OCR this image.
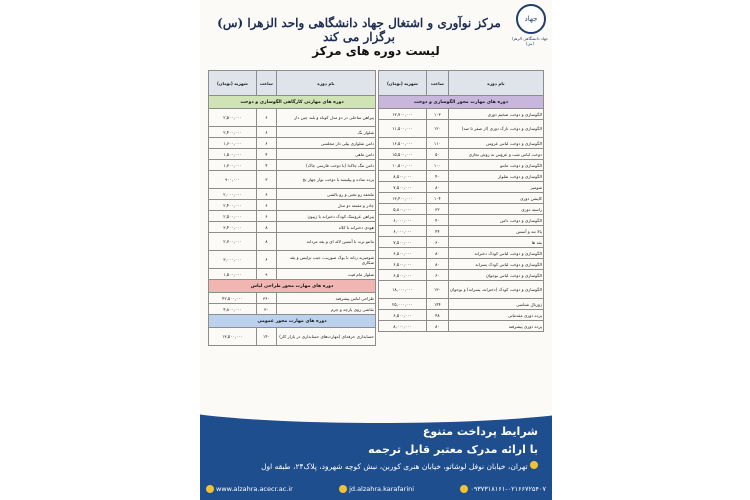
جهاد
جهاد دانشگاهی الزهرا (س)
مرکز نوآوری و اشتغال جهاد دانشگاهی واحد الزهرا (س) برگزار می کند
لیست دوره های مرکز
نام دوره	ساعت	شهریه (تومان)
دوره های مهارت محور الگوسازی و دوخت		
الگوسازی و دوخت ضخیم دوزی	۱۰۳	۱۳,۷۰۰,۰۰۰
الگوسازی و دوخت نازک دوزی (از صفر تا صد)	۱۲۰	۱۱,۵۰۰,۰۰۰
الگوسازی و دوخت لباس عروس	۱۱۰	۱۶,۵۰۰,۰۰۰
دوخت لباس شب و عروس به روش تجاری	۵۰	۱۵,۵۰۰,۰۰۰
الگوسازی و دوخت مانتو	۱۰۰	۱۰,۵۰۰,۰۰۰
الگوسازی و دوخت شلوار	۴۰	۸,۵۰۰,۰۰۰
شومیز	۸۰	۷,۵۰۰,۰۰۰
کاپشن دوزی	۱۰۴	۱۳,۴۰۰,۰۰۰
راسته دوزی	۳۲	۵,۸۰۰,۰۰۰
الگوسازی و دوخت دامن	۴۰	۶,۰۰۰,۰۰۰
یالا تنه و آستین	۴۴	۶,۰۰۰,۰۰۰
یقه ها	۶۰	۷,۵۰۰,۰۰۰
الگوسازی و دوخت لباس کودک دخترانه	۸۰	۶,۵۰۰,۰۰۰
الگوسازی و دوخت لباس کودک پسرانه	۸۰	۶,۵۰۰,۰۰۰
الگوسازی و دوخت لباس نوجوان	۶۰	۶,۵۰۰,۰۰۰
الگوسازی و دوخت کودک (دخترانه، پسرانه) و نوجوان	۱۳۰	۱۸,۰۰۰,۰۰۰
ژورنال شناسی	۱۴۴	۲۵,۰۰۰,۰۰۰
پرده دوزی مقدماتی	۴۸	۶,۵۰۰,۰۰۰
پرده دوزی پیشرفته	۸۰	۸,۰۰۰,۰۰۰
نام دوره	ساعت	شهریه (تومان)
دوره های مهارتی کارگاهی الگوسازی و دوخت		
پیراهن ساحلی در دو مدل کوتاه و بلند چین دار	۶	۲,۵۰۰,۰۰۰
شلوار بگ	۶	۲,۴۰۰,۰۰۰
دامن شلواری پیلی دار مجلسی	۶	۱,۶۰۰,۰۰۰
دامن ماهی	۴	۱,۵۰۰,۰۰۰
دامن تنگ چاکدا (با دوخت فارسی چاک)	۴	۱,۳۰۰,۰۰۰
پرده ساده و پیلیسه با دوخت نوار چهار نخ	۳	۹۰۰,۰۰۰
ملحفه رو تختی و رو بالشی	۶	۲,۰۰۰,۰۰۰
چادر و مقنعه دو مدل	۶	۲,۴۰۰,۰۰۰
پیراهن عروسک کودک دخترانه با ژیپون	۶	۲,۵۰۰,۰۰۰
هودی دخترانه با کلاه	۸	۳,۴۰۰,۰۰۰
مانتو ترند با آستین لاله ای و یقه مردانه	۸	۲,۷۰۰,۰۰۰
شومیزیه زنانه با یوک صوریب، جیب ترلیس و یقه شکاری	۶	۳,۰۰۰,۰۰۰
شلوار مام فیت	۹	۱,۵۰۰,۰۰۰
دوره های مهارت محور طراحی لباس		
طراحی لباس پیشرفته	۳۶۰	۴۲,۵۰۰,۰۰۰
نقاشی روی پارچه و چرم	۳۰	۴,۸۰۰,۰۰۰
دوره های مهارت محور عمومی		
حسابداری حرفه‌ای (مهارت‌های حسابداری در بازار کار)	۱۴۰	۱۳,۵۰۰,۰۰۰
شرایط پرداخت متنوع
با ارائه مدرک معتبر قابل ترجمه
تهران، خیابان نوفل لوشاتو، خیابان هنری کوربن، نبش کوچه شهرود، پلاک۲۴، طبقه اول
www.alzahra.acecr.ac.ir	jd.alzahra.karafarini	۰۹۳۷۳۱۸۱۶۱-۰۲۱۶۶۷۲۵۴۰۷
